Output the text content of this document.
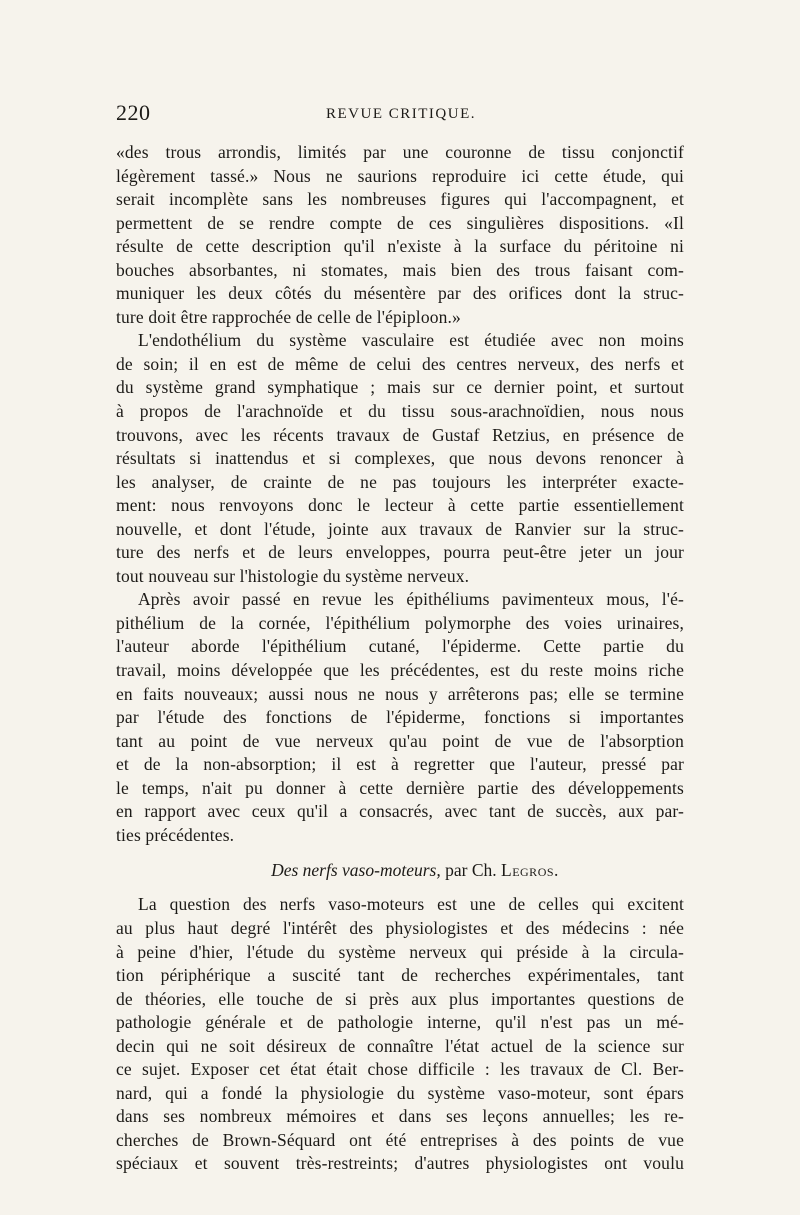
220	REVUE CRITIQUE.
«des trous arrondis, limités par une couronne de tissu conjonctif
légèrement tassé.» Nous ne saurions reproduire ici cette étude, qui
serait incomplète sans les nombreuses figures qui l'accompagnent, et
permettent de se rendre compte de ces singulières dispositions. «Il
résulte de cette description qu'il n'existe à la surface du péritoine ni
bouches absorbantes, ni stomates, mais bien des trous faisant com-
muniquer les deux côtés du mésentère par des orifices dont la struc-
ture doit être rapprochée de celle de l'épiploon.»
L'endothélium du système vasculaire est étudiée avec non moins
de soin; il en est de même de celui des centres nerveux, des nerfs et
du système grand symphatique ; mais sur ce dernier point, et surtout
à propos de l'arachnoïde et du tissu sous-arachnoïdien, nous nous
trouvons, avec les récents travaux de Gustaf Retzius, en présence de
résultats si inattendus et si complexes, que nous devons renoncer à
les analyser, de crainte de ne pas toujours les interpréter exacte-
ment: nous renvoyons donc le lecteur à cette partie essentiellement
nouvelle, et dont l'étude, jointe aux travaux de Ranvier sur la struc-
ture des nerfs et de leurs enveloppes, pourra peut-être jeter un jour
tout nouveau sur l'histologie du système nerveux.
Après avoir passé en revue les épithéliums pavimenteux mous, l'é-
pithélium de la cornée, l'épithélium polymorphe des voies urinaires,
l'auteur aborde l'épithélium cutané, l'épiderme. Cette partie du
travail, moins développée que les précédentes, est du reste moins riche
en faits nouveaux; aussi nous ne nous y arrêterons pas; elle se termine
par l'étude des fonctions de l'épiderme, fonctions si importantes
tant au point de vue nerveux qu'au point de vue de l'absorption
et de la non-absorption; il est à regretter que l'auteur, pressé par
le temps, n'ait pu donner à cette dernière partie des développements
en rapport avec ceux qu'il a consacrés, avec tant de succès, aux par-
ties précédentes.
Des nerfs vaso-moteurs, par Ch. Legros.
La question des nerfs vaso-moteurs est une de celles qui excitent
au plus haut degré l'intérêt des physiologistes et des médecins : née
à peine d'hier, l'étude du système nerveux qui préside à la circula-
tion périphérique a suscité tant de recherches expérimentales, tant
de théories, elle touche de si près aux plus importantes questions de
pathologie générale et de pathologie interne, qu'il n'est pas un mé-
decin qui ne soit désireux de connaître l'état actuel de la science sur
ce sujet. Exposer cet état était chose difficile : les travaux de Cl. Ber-
nard, qui a fondé la physiologie du système vaso-moteur, sont épars
dans ses nombreux mémoires et dans ses leçons annuelles; les re-
cherches de Brown-Séquard ont été entreprises à des points de vue
spéciaux et souvent très-restreints; d'autres physiologistes ont voulu
